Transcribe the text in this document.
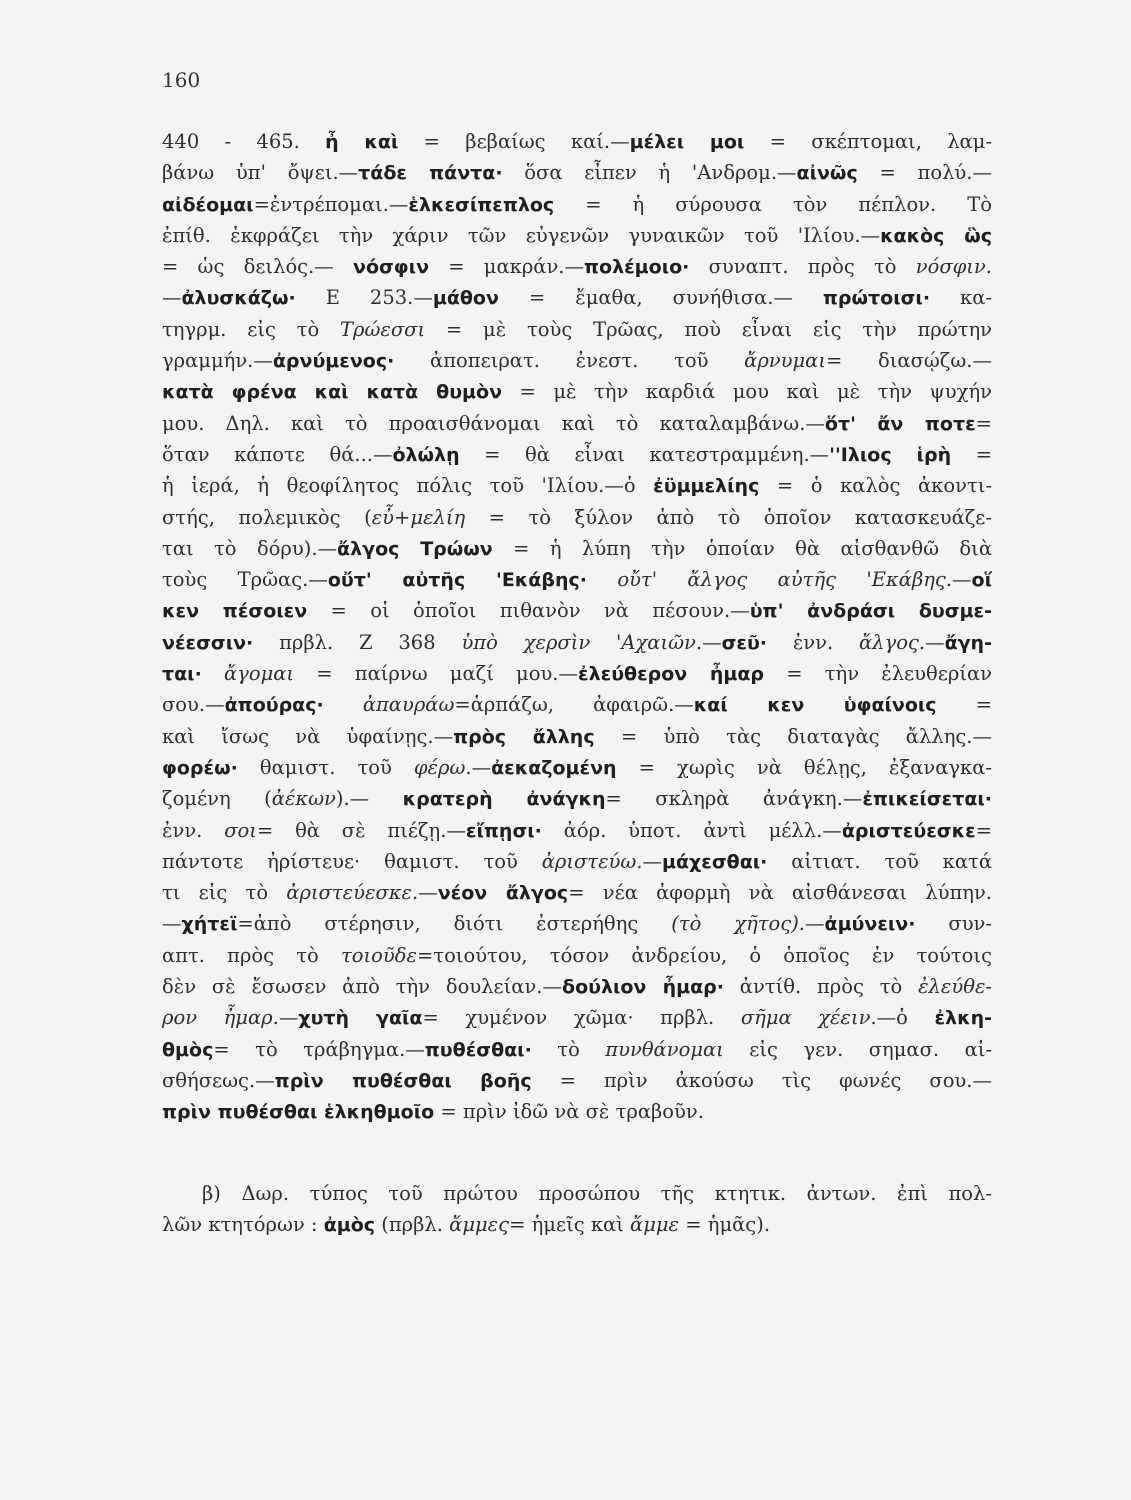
160
440 - 465. ἦ καὶ = βεβαίως καί.—μέλει μοι = σκέπτομαι, λαμ-
βάνω ὑπ' ὄψει.—τάδε πάντα· ὅσα εἶπεν ἡ 'Ανδρομ.—αἰνῶς = πολύ.—
αἰδέομαι=ἐντρέπομαι.—ἑλκεσίπεπλος = ἡ σύρουσα τὸν πέπλον. Τὸ
ἐπίθ. ἐκφράζει τὴν χάριν τῶν εὐγενῶν γυναικῶν τοῦ 'Ιλίου.—κακὸς ὣς
= ὡς δειλός.— νόσφιν = μακράν.—πολέμοιο· συναπτ. πρὸς τὸ νόσφιν.
—ἀλυσκάζω· Ε 253.—μάθον = ἔμαθα, συνήθισα.— πρώτοισι· κα-
τηγρμ. εἰς τὸ Τρώεσσι = μὲ τοὺς Τρῶας, ποὺ εἶναι εἰς τὴν πρώτην
γραμμήν.—ἀρνύμενος· ἀποπειρατ. ἐνεστ. τοῦ ἄρνυμαι= διασῴζω.—
κατὰ φρένα καὶ κατὰ θυμὸν = μὲ τὴν καρδιά μου καὶ μὲ τὴν ψυχήν
μου. Δηλ. καὶ τὸ προαισθάνομαι καὶ τὸ καταλαμβάνω.—ὅτ' ἄν ποτε=
ὅταν κάποτε θά...—ὀλώλῃ = θὰ εἶναι κατεστραμμένη.—''Ιλιος ἱρὴ =
ἡ ἱερά, ἡ θεοφίλητος πόλις τοῦ 'Ιλίου.—ὁ ἐϋμμελίης = ὁ καλὸς ἀκοντι-
στής, πολεμικὸς (εὖ+μελίη = τὸ ξύλον ἀπὸ τὸ ὁποῖον κατασκευάζε-
ται τὸ δόρυ).—ἄλγος Τρώων = ἡ λύπη τὴν ὁποίαν θὰ αἰσθανθῶ διὰ
τοὺς Τρῶας.—οὔτ' αὐτῆς 'Εκάβης· οὔτ' ἄλγος αὐτῆς 'Εκάβης.—οἵ
κεν πέσοιεν = οἱ ὁποῖοι πιθανὸν νὰ πέσουν.—ὑπ' ἀνδράσι δυσμε-
νέεσσιν· πρβλ. Ζ 368 ὑπὸ χερσὶν 'Αχαιῶν.—σεῦ· ἐνν. ἄλγος.—ἄγη-
ται· ἄγομαι = παίρνω μαζί μου.—ἐλεύθερον ἦμαρ = τὴν ἐλευθερίαν
σου.—ἀπούρας· ἀπαυράω=ἁρπάζω, ἀφαιρῶ.—καί κεν ὑφαίνοις =
καὶ ἴσως νὰ ὑφαίνῃς.—πρὸς ἄλλης = ὑπὸ τὰς διαταγὰς ἄλλης.—
φορέω· θαμιστ. τοῦ φέρω.—ἀεκαζομένη = χωρὶς νὰ θέλῃς, ἐξαναγκα-
ζομένη (ἀέκων).— κρατερὴ ἀνάγκη= σκληρὰ ἀνάγκη.—ἐπικείσεται·
ἐνν. σοι= θὰ σὲ πιέζῃ.—εἴπῃσι· ἀόρ. ὑποτ. ἀντὶ μέλλ.—ἀριστεύεσκε=
πάντοτε ἠρίστευε· θαμιστ. τοῦ ἀριστεύω.—μάχεσθαι· αἰτιατ. τοῦ κατά
τι εἰς τὸ ἀριστεύεσκε.—νέον ἄλγος= νέα ἀφορμὴ νὰ αἰσθάνεσαι λύπην.
—χήτεϊ=ἀπὸ στέρησιν, διότι ἐστερήθης (τὸ χῆτος).—ἀμύνειν· συν-
απτ. πρὸς τὸ τοιοῦδε=τοιούτου, τόσον ἀνδρείου, ὁ ὁποῖος ἐν τούτοις
δὲν σὲ ἔσωσεν ἀπὸ τὴν δουλείαν.—δούλιον ἦμαρ· ἀντίθ. πρὸς τὸ ἐλεύθε-
ρον ἦμαρ.—χυτὴ γαῖα= χυμένον χῶμα· πρβλ. σῆμα χέειν.—ὁ ἐλκη-
θμὸς= τὸ τράβηγμα.—πυθέσθαι· τὸ πυνθάνομαι εἰς γεν. σημασ. αἰ-
σθήσεως.—πρὶν πυθέσθαι βοῆς = πρὶν ἀκούσω τὶς φωνές σου.—
πρὶν πυθέσθαι ἑλκηθμοῖο = πρὶν ἰδῶ νὰ σὲ τραβοῦν.
β) Δωρ. τύπος τοῦ πρώτου προσώπου τῆς κτητικ. ἀντων. ἐπὶ πολ-
λῶν κτητόρων : ἀμὸς (πρβλ. ἄμμες= ἡμεῖς καὶ ἄμμε = ἡμᾶς).
